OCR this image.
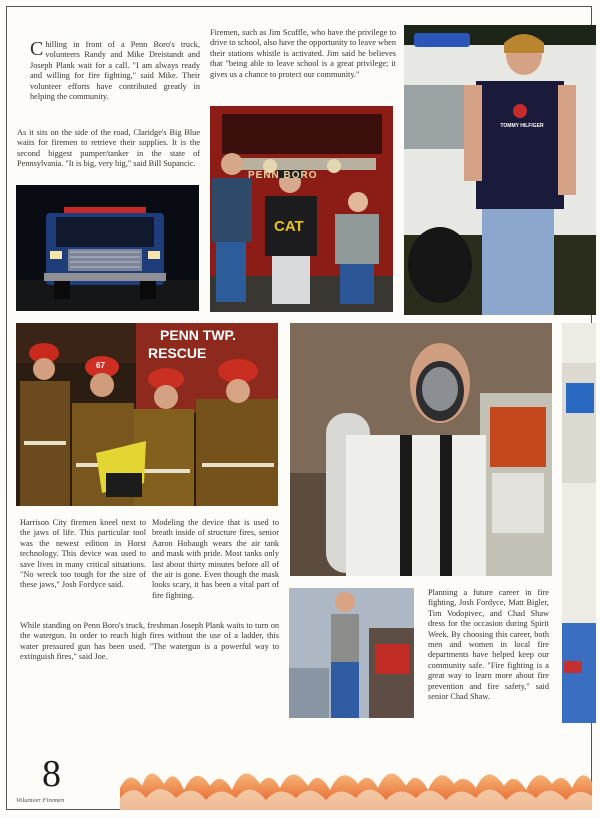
Chilling in front of a Penn Boro's truck, volunteers Randy and Mike Dreistandt and Joseph Plank wait for a call. "I am always ready and willing for fire fighting," said Mike. Their volunteer efforts have contributed greatly in helping the community.
As it sits on the side of the road, Claridge's Big Blue waits for firemen to retrieve their supplies. It is the second biggest pumper/tanker in the state of Pennsylvania. "It is big, very big," said Bill Supancic.
Firemen, such as Jim Scuffle, who have the privilege to drive to school, also have the opportunity to leave when their stations whistle is activated. Jim said he believes that "being able to leave school is a great privilege; it gives us a chance to protect our community."
PENN BORO
CAT
TOMMY HILFIGER
PENN TWP.
RESCUE
67
Harrison City firemen kneel next to the jaws of life. This particular tool was the newest edition in Horst technology. This device was used to save lives in many critical situations. "No wreck too tough for the size of these jaws," Josh Fordyce said.
Modeling the device that is used to breath inside of structure fires, senior Aaron Hobaugh wears the air tank and mask with pride. Most tanks only last about thirty minutes before all of the air is gone. Even though the mask looks scary, it has been a vital part of fire fighting.
While standing on Penn Boro's truck, freshman Joseph Plank waits to turn on the watergun. In order to reach high fires without the use of a ladder, this water pressured gun has been used. "The watergun is a powerful way to extinguish fires," said Joe.
Planning a future career in fire fighting, Josh Fordyce, Matt Bigler, Tim Vodopivec, and Chad Shaw dress for the occasion during Spirit Week. By choosing this career, both men and women in local fire departments have helped keep our community safe. "Fire fighting is a great way to learn more about fire prevention and fire safety," said senior Chad Shaw.
8
Volunteer Firemen
